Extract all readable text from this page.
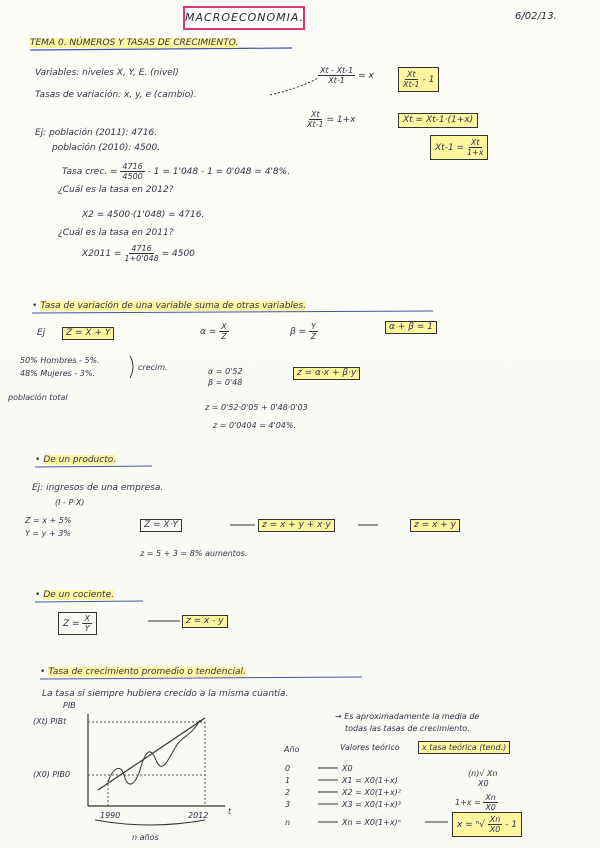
MACROECONOMIA.	6/02/13.
TEMA 0. NÚMEROS Y TASAS DE CRECIMIENTO.
Variables: niveles X, Y, E. (nivel)
Tasas de variación: x, y, e (cambio).
$\frac{Xt - Xt-1}{Xt-1} = x$	$\frac{Xt}{Xt-1} - 1$
$\frac{Xt}{Xt-1} = 1+x$	Xt = Xt-1·(1+x)
$Xt-1 = \frac{Xt}{1+x}$
Ej: población (2011): 4716.
población (2010): 4500.
Tasa crec. = $\frac{4716}{4500} - 1 = 1'048 - 1 = 0'048 = 4'8\%$.
¿Cuál es la tasa en 2012?
X2 = 4500·(1'048) = 4716.
¿Cuál es la tasa en 2011?
$X2011 = \frac{4716}{1+0'048} = 4500$
• Tasa de variación de una variable suma de otras variables.
Ej	Z = X + Y	$\alpha = \frac{X}{Z}$	$\beta = \frac{Y}{Z}$	α + β = 1
50% Hombres - 5%.
48% Mujeres - 3%.
crecim.
población total
α = 0'52
β = 0'48
z = α·x + β·y
z = 0'52·0'05 + 0'48·0'03
z = 0'0404 = 4'04%.
• De un producto.
Ej: ingresos de una empresa.
(I - P·X)
Z = x + 5%
Y = y + 3%
Z = X·Y	z = x + y + x·y	z = x + y
z = 5 + 3 = 8% aumentos.
• De un cociente.
$Z = \frac{X}{Y}$	z = x - y
• Tasa de crecimiento promedio o tendencial.
La tasa si siempre hubiera crecido a la misma cuantía.
PIB
(Xt) PIBt
(X0) PIB0
t
1990	2012
n años
→ Es aproximadamente la media de
todas las tasas de crecimiento.
Año	Valores teórico	x tasa teórica (tend.)
0	X0
1	X1 = X0(1+x)
2	X2 = X0(1+x)²
3	X3 = X0(1+x)³
n	Xn = X0(1+x)ⁿ
(n)√ Xn
X0
$1+x = \frac{Xn}{X0}$
$x = ^n√ \frac{Xn}{X0} - 1$
